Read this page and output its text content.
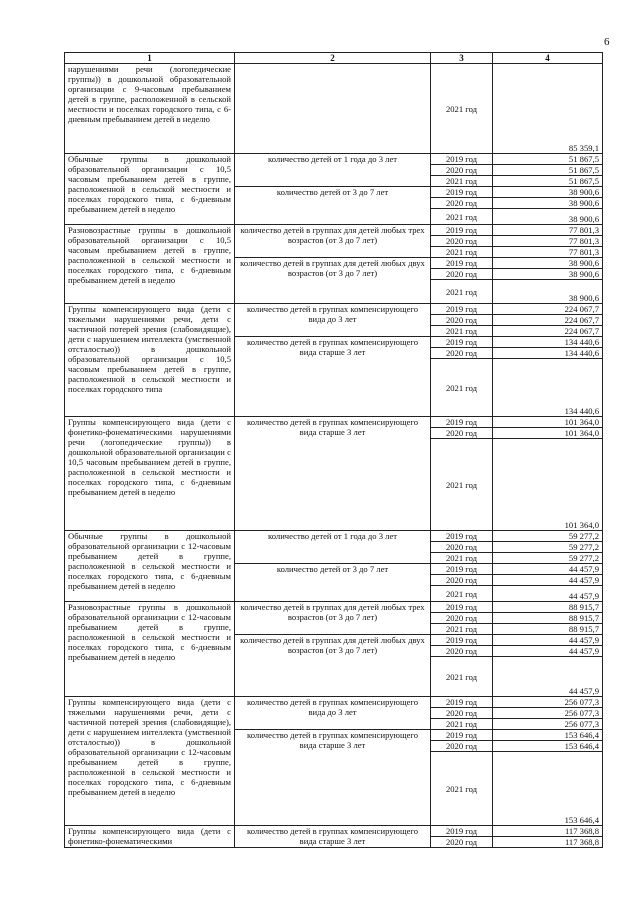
6
1	2	3	4
нарушениями речи (логопедические группы)) в дошкольной образовательной организации с 9-часовым пребыванием детей в группе, расположенной в сельской местности и поселках городского типа, с 6-дневным пребыванием детей в неделю		2021 год	85 359,1
Обычные группы в дошкольной образовательной организации с 10,5 часовым пребыванием детей в группе, расположенной в сельской местности и поселках городского типа, с 6-дневным пребыванием детей в неделю	количество детей от 1 года до 3 лет	2019 год	51 867,5
		2020 год	51 867,5
		2021 год	51 867,5
	количество детей от 3 до 7 лет	2019 год	38 900,6
		2020 год	38 900,6
		2021 год	38 900,6
Разновозрастные группы в дошкольной образовательной организации с 10,5 часовым пребыванием детей в группе, расположенной в сельской местности и поселках городского типа, с 6-дневным пребыванием детей в неделю	количество детей в группах для детей любых трех возрастов (от 3 до 7 лет)	2019 год	77 801,3
		2020 год	77 801,3
		2021 год	77 801,3
	количество детей в группах для детей любых двух возрастов (от 3 до 7 лет)	2019 год	38 900,6
		2020 год	38 900,6
		2021 год	38 900,6
Группы компенсирующего вида (дети с тяжелыми нарушениями речи, дети с частичной потерей зрения (слабовидящие), дети с нарушением интеллекта (умственной отсталостью)) в дошкольной образовательной организации с 10,5 часовым пребыванием детей в группе, расположенной в сельской местности и поселках городского типа	количество детей в группах компенсирующего вида до 3 лет	2019 год	224 067,7
		2020 год	224 067,7
		2021 год	224 067,7
	количество детей в группах компенсирующего вида старше 3 лет	2019 год	134 440,6
		2020 год	134 440,6
		2021 год	134 440,6
Группы компенсирующего вида (дети с фонетико-фонематическими нарушениями речи (логопедические группы)) в дошкольной образовательной организации с 10,5 часовым пребыванием детей в группе, расположенной в сельской местности и поселках городского типа, с 6-дневным пребыванием детей в неделю	количество детей в группах компенсирующего вида старше 3 лет	2019 год	101 364,0
		2020 год	101 364,0
		2021 год	101 364,0
Обычные группы в дошкольной образовательной организации с 12-часовым пребыванием детей в группе, расположенной в сельской местности и поселках городского типа, с 6-дневным пребыванием детей в неделю	количество детей от 1 года до 3 лет	2019 год	59 277,2
		2020 год	59 277,2
		2021 год	59 277,2
	количество детей от 3 до 7 лет	2019 год	44 457,9
		2020 год	44 457,9
		2021 год	44 457,9
Разновозрастные группы в дошкольной образовательной организации с 12-часовым пребыванием детей в группе, расположенной в сельской местности и поселках городского типа, с 6-дневным пребыванием детей в неделю	количество детей в группах для детей любых трех возрастов (от 3 до 7 лет)	2019 год	88 915,7
		2020 год	88 915,7
		2021 год	88 915,7
	количество детей в группах для детей любых двух возрастов (от 3 до 7 лет)	2019 год	44 457,9
		2020 год	44 457,9
		2021 год	44 457,9
Группы компенсирующего вида (дети с тяжелыми нарушениями речи, дети с частичной потерей зрения (слабовидящие), дети с нарушением интеллекта (умственной отсталостью)) в дошкольной образовательной организации с 12-часовым пребыванием детей в группе, расположенной в сельской местности и поселках городского типа, с 6-дневным пребыванием детей в неделю	количество детей в группах компенсирующего вида до 3 лет	2019 год	256 077,3
		2020 год	256 077,3
		2021 год	256 077,3
	количество детей в группах компенсирующего вида старше 3 лет	2019 год	153 646,4
		2020 год	153 646,4
		2021 год	153 646,4
Группы компенсирующего вида (дети с фонетико-фонематическими	количество детей в группах компенсирующего вида старше 3 лет	2019 год	117 368,8
		2020 год	117 368,8
